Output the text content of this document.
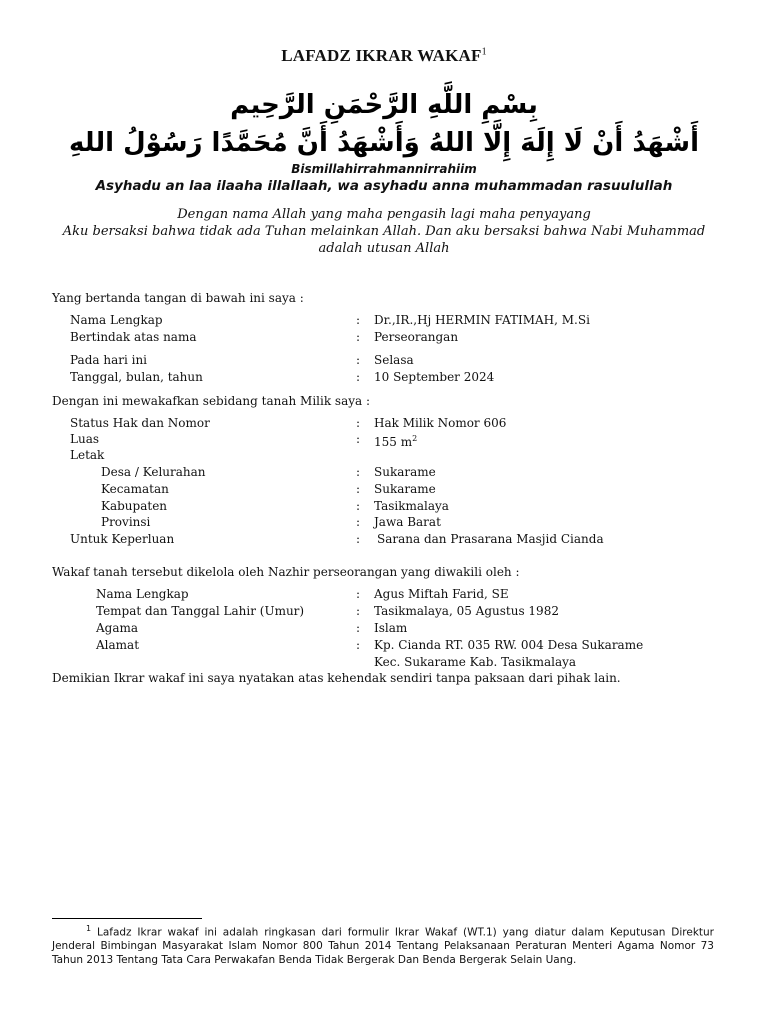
LAFADZ IKRAR WAKAF$^1$
بِسْمِ اللَّهِ الرَّحْمَنِ الرَّحِيم
أَشْهَدُ أَنْ لَا إِلَهَ إِلَّا اللهُ وَأَشْهَدُ أَنَّ مُحَمَّدًا رَسُوْلُ اللهِ
Bismillahirrahmannirrahiim
Asyhadu an laa ilaaha illallaah, wa asyhadu anna muhammadan rasuulullah
Dengan nama Allah yang maha pengasih lagi maha penyayang
Aku bersaksi bahwa tidak ada Tuhan melainkan Allah. Dan aku bersaksi bahwa Nabi Muhammad adalah utusan Allah
Yang bertanda tangan di bawah ini saya :
Nama Lengkap	: Dr.,IR.,Hj HERMIN FATIMAH, M.Si
Bertindak atas nama	: Perseorangan
Pada hari ini	: Selasa
Tanggal, bulan, tahun	: 10 September 2024
Dengan ini mewakafkan sebidang tanah Milik saya :
Status Hak dan Nomor	: Hak Milik Nomor 606
Luas	: 155 $m^2$
Letak
Desa / Kelurahan	: Sukarame
Kecamatan	: Sukarame
Kabupaten	: Tasikmalaya
Provinsi	: Jawa Barat
Untuk Keperluan	: Sarana dan Prasarana Masjid Cianda
Wakaf tanah tersebut dikelola oleh Nazhir perseorangan yang diwakili oleh :
Nama Lengkap	: Agus Miftah Farid, SE
Tempat dan Tanggal Lahir (Umur)	: Tasikmalaya, 05 Agustus 1982
Agama	: Islam
Alamat	: Kp. Cianda RT. 035 RW. 004 Desa Sukarame
Kec. Sukarame Kab. Tasikmalaya
Demikian Ikrar wakaf ini saya nyatakan atas kehendak sendiri tanpa paksaan dari pihak lain.
$^1$ Lafadz Ikrar wakaf ini adalah ringkasan dari formulir Ikrar Wakaf (WT.1) yang diatur dalam Keputusan Direktur Jenderal Bimbingan Masyarakat Islam Nomor 800 Tahun 2014 Tentang Pelaksanaan Peraturan Menteri Agama Nomor 73 Tahun 2013 Tentang Tata Cara Perwakafan Benda Tidak Bergerak Dan Benda Bergerak Selain Uang.
